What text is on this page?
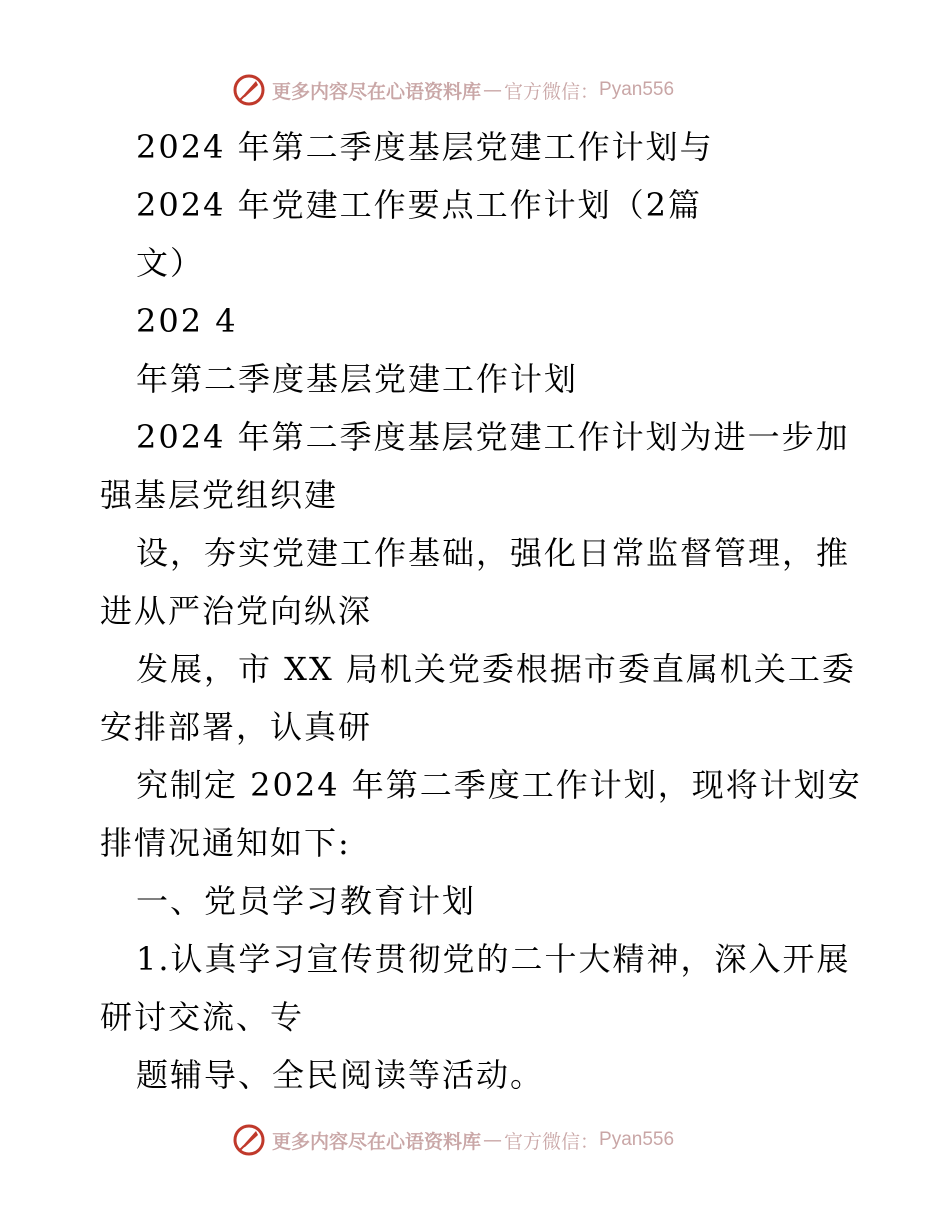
更多内容尽在心语资料库 — 官方微信： Pyan556
2024 年第二季度基层党建工作计划与
2024 年党建工作要点工作计划（2篇
文）
202 4
年第二季度基层党建工作计划
2024 年第二季度基层党建工作计划为进一步加
强基层党组织建
设，夯实党建工作基础，强化日常监督管理，推
进从严治党向纵深
发展，市 XX 局机关党委根据市委直属机关工委
安排部署，认真研
究制定 2024 年第二季度工作计划，现将计划安
排情况通知如下:
一、党员学习教育计划
1.认真学习宣传贯彻党的二十大精神，深入开展
研讨交流、专
题辅导、全民阅读等活动。
更多内容尽在心语资料库 — 官方微信： Pyan556
